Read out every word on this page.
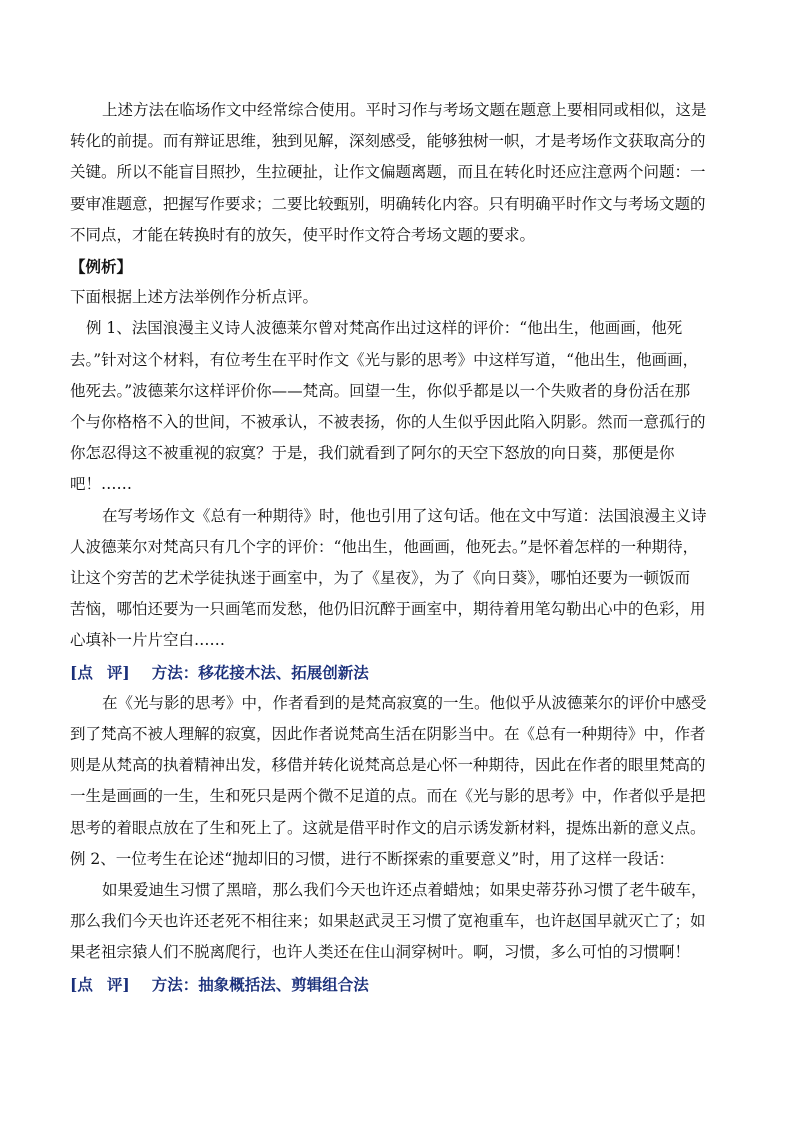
上述方法在临场作文中经常综合使用。平时习作与考场文题在题意上要相同或相似，这是
转化的前提。而有辩证思维，独到见解，深刻感受，能够独树一帜，才是考场作文获取高分的
关键。所以不能盲目照抄，生拉硬扯，让作文偏题离题，而且在转化时还应注意两个问题：一
要审准题意，把握写作要求；二要比较甄别，明确转化内容。只有明确平时作文与考场文题的
不同点，才能在转换时有的放矢，使平时作文符合考场文题的要求。
【例析】
下面根据上述方法举例作分析点评。
例 1、法国浪漫主义诗人波德莱尔曾对梵高作出过这样的评价：“他出生，他画画，他死
去。”针对这个材料，有位考生在平时作文《光与影的思考》中这样写道，“他出生，他画画，
他死去。”波德莱尔这样评价你——梵高。回望一生，你似乎都是以一个失败者的身份活在那
个与你格格不入的世间，不被承认，不被表扬，你的人生似乎因此陷入阴影。然而一意孤行的
你怎忍得这不被重视的寂寞？于是，我们就看到了阿尔的天空下怒放的向日葵，那便是你
吧！……
在写考场作文《总有一种期待》时，他也引用了这句话。他在文中写道：法国浪漫主义诗
人波德莱尔对梵高只有几个字的评价：“他出生，他画画，他死去。”是怀着怎样的一种期待，
让这个穷苦的艺术学徒执迷于画室中，为了《星夜》，为了《向日葵》，哪怕还要为一顿饭而
苦恼，哪怕还要为一只画笔而发愁，他仍旧沉醉于画室中，期待着用笔勾勒出心中的色彩，用
心填补一片片空白……
[点 评] 方法：移花接木法、拓展创新法
在《光与影的思考》中，作者看到的是梵高寂寞的一生。他似乎从波德莱尔的评价中感受
到了梵高不被人理解的寂寞，因此作者说梵高生活在阴影当中。在《总有一种期待》中，作者
则是从梵高的执着精神出发，移借并转化说梵高总是心怀一种期待，因此在作者的眼里梵高的
一生是画画的一生，生和死只是两个微不足道的点。而在《光与影的思考》中，作者似乎是把
思考的着眼点放在了生和死上了。这就是借平时作文的启示诱发新材料，提炼出新的意义点。
例 2、一位考生在论述“抛却旧的习惯，进行不断探索的重要意义”时，用了这样一段话：
如果爱迪生习惯了黑暗，那么我们今天也许还点着蜡烛；如果史蒂芬孙习惯了老牛破车，
那么我们今天也许还老死不相往来；如果赵武灵王习惯了宽袍重车，也许赵国早就灭亡了；如
果老祖宗猿人们不脱离爬行，也许人类还在住山洞穿树叶。啊，习惯，多么可怕的习惯啊！
[点 评] 方法：抽象概括法、剪辑组合法
